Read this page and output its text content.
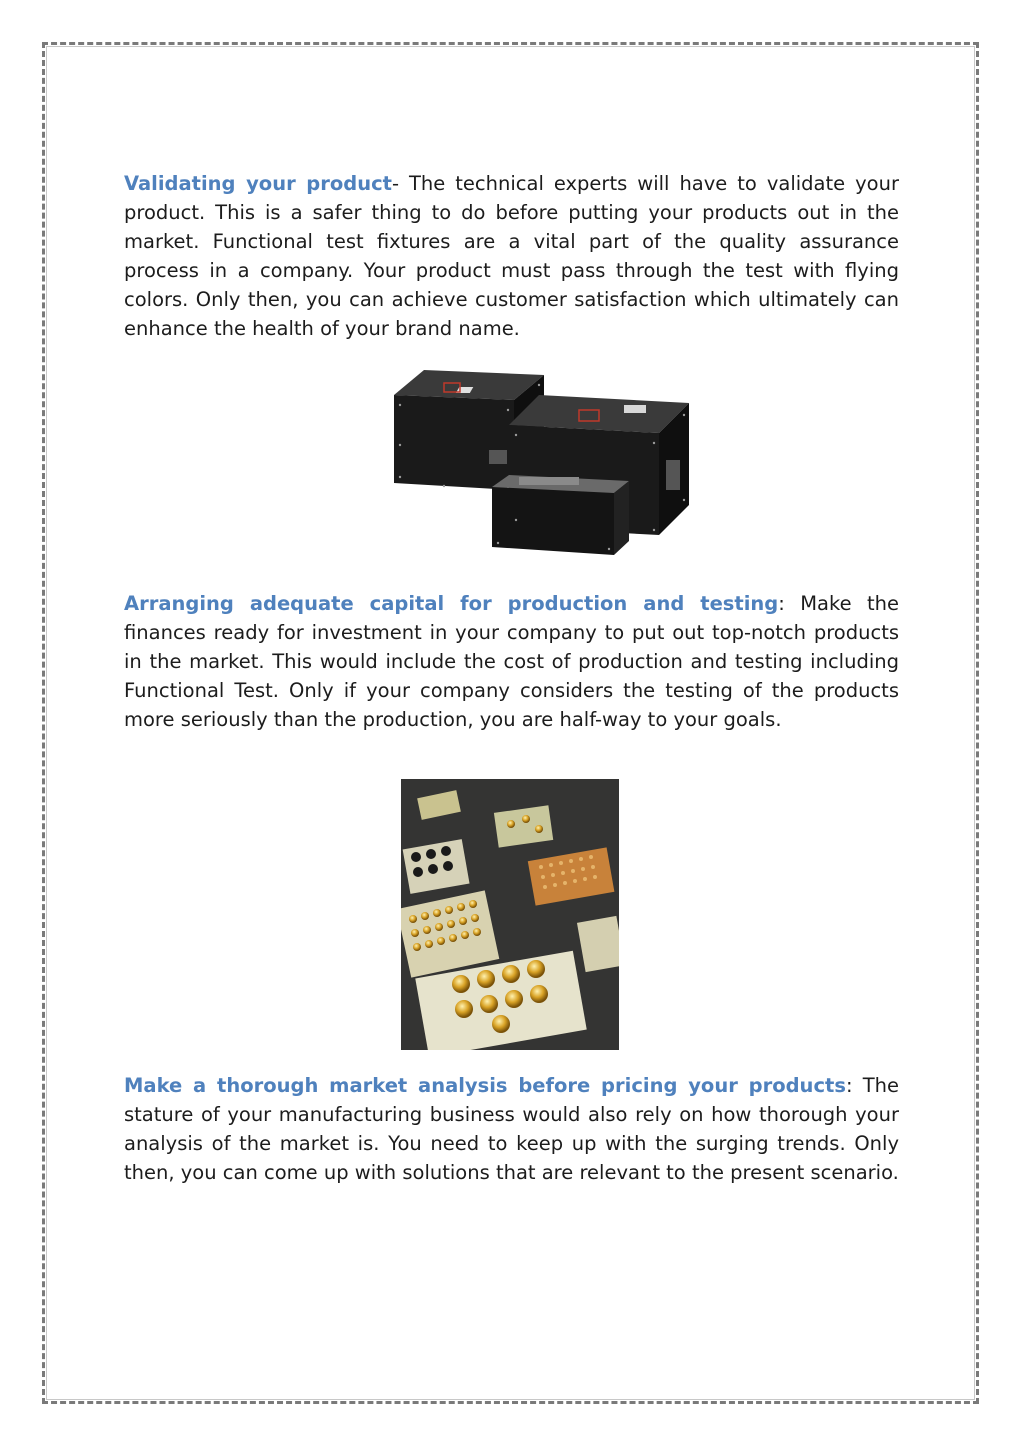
Validating your product- The technical experts will have to validate your product. This is a safer thing to do before putting your products out in the market. Functional test fixtures are a vital part of the quality assurance process in a company. Your product must pass through the test with flying colors. Only then, you can achieve customer satisfaction which ultimately can enhance the health of your brand name.

Arranging adequate capital for production and testing: Make the finances ready for investment in your company to put out top-notch products in the market. This would include the cost of production and testing including Functional Test. Only if your company considers the testing of the products more seriously than the production, you are half-way to your goals.

Make a thorough market analysis before pricing your products: The stature of your manufacturing business would also rely on how thorough your analysis of the market is. You need to keep up with the surging trends. Only then, you can come up with solutions that are relevant to the present scenario.
